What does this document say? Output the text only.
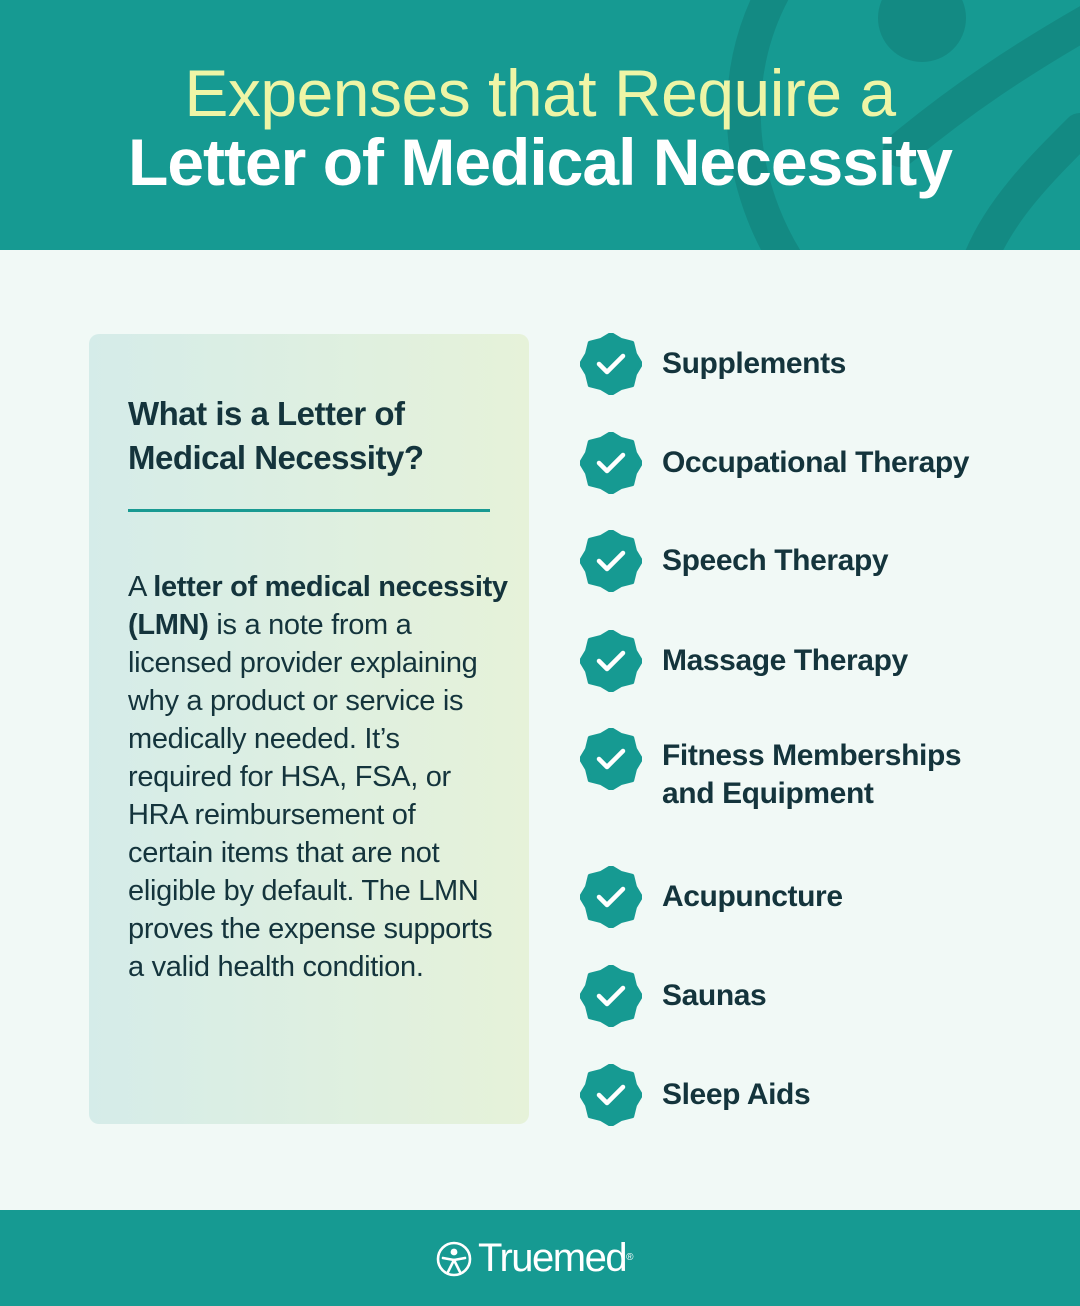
Expenses that Require a
Letter of Medical Necessity
What is a Letter of Medical Necessity?
A letter of medical necessity (LMN) is a note from a licensed provider explaining why a product or service is medically needed. It’s required for HSA, FSA, or HRA reimbursement of certain items that are not eligible by default. The LMN proves the expense supports a valid health condition.
Supplements
Occupational Therapy
Speech Therapy
Massage Therapy
Fitness Memberships and Equipment
Acupuncture
Saunas
Sleep Aids
Truemed®
